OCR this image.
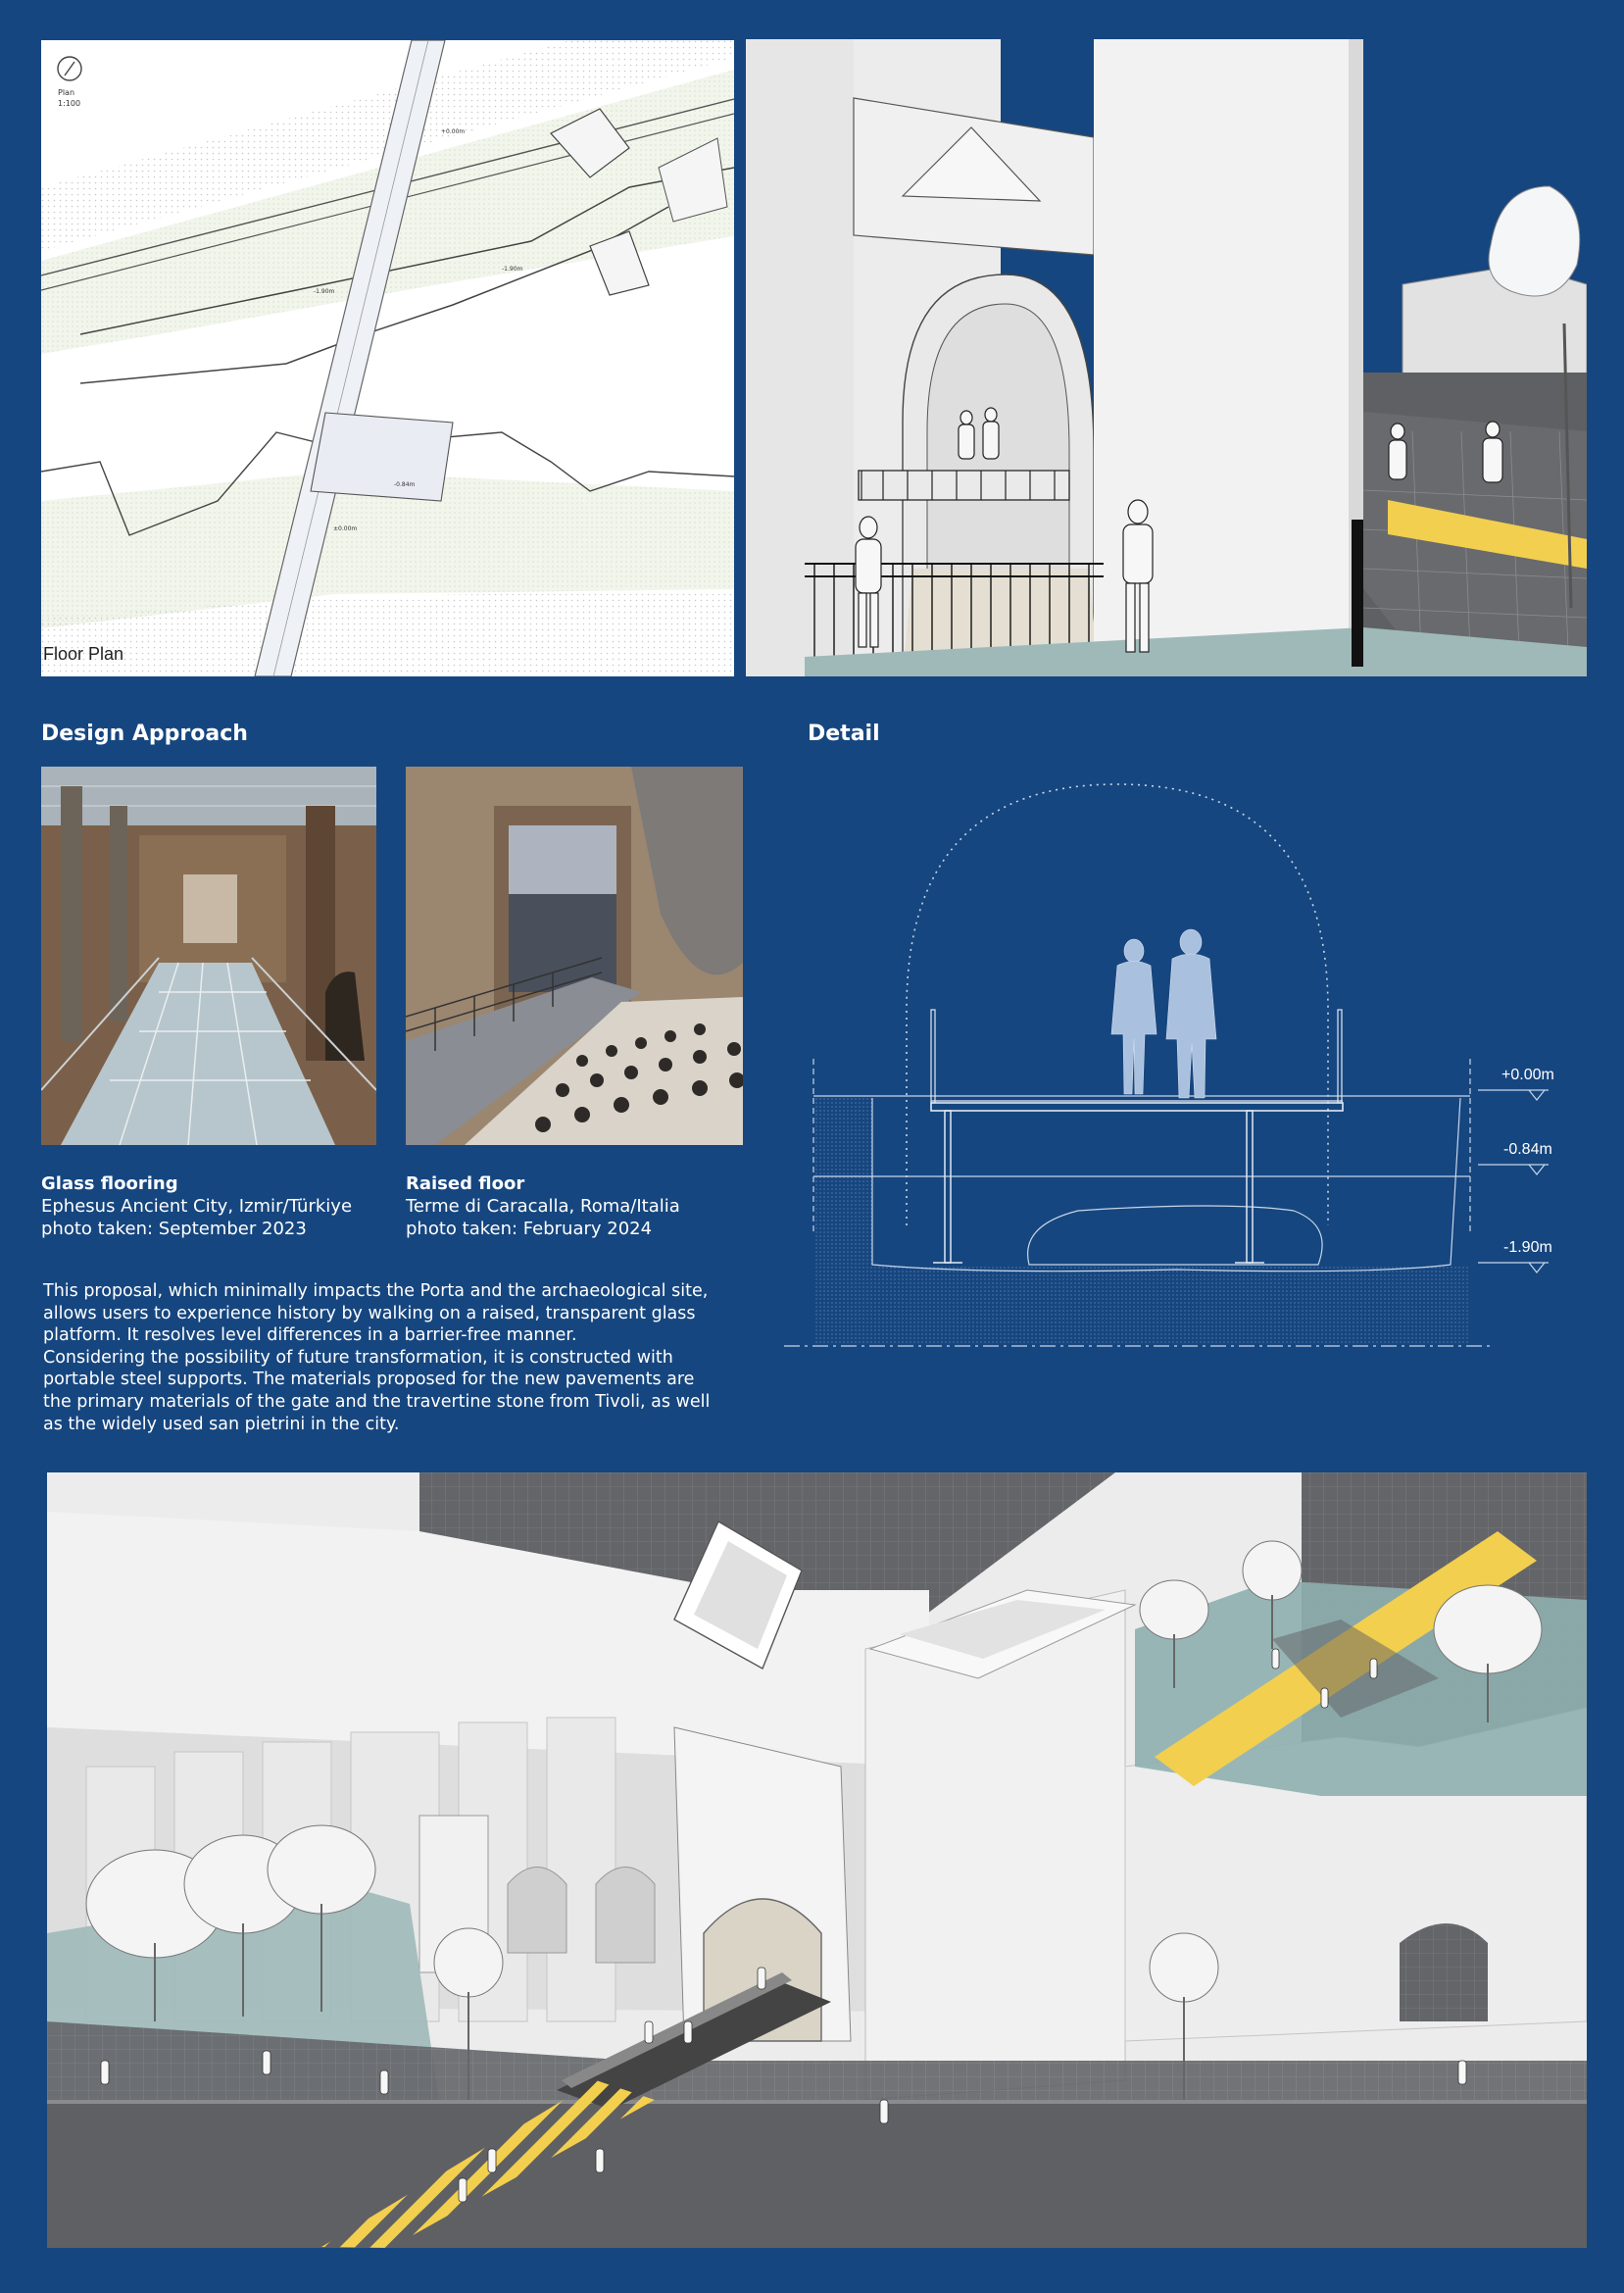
+0.00m
-1.90m
-1.90m
-0.84m
±0.00m
Plan
1:100
Floor Plan
Design Approach
Glass flooring
Ephesus Ancient City, Izmir/Türkiye
photo taken: September 2023
Raised floor
Terme di Caracalla, Roma/Italia
photo taken: February 2024
This proposal, which minimally impacts the Porta and the archaeological site,
allows users to experience history by walking on a raised, transparent glass
platform. It resolves level differences in a barrier-free manner.
Considering the possibility of future transformation, it is constructed with
portable steel supports. The materials proposed for the new pavements are
the primary materials of the gate and the travertine stone from Tivoli, as well
as the widely used san pietrini in the city.
Detail
+0.00m
-0.84m
-1.90m
